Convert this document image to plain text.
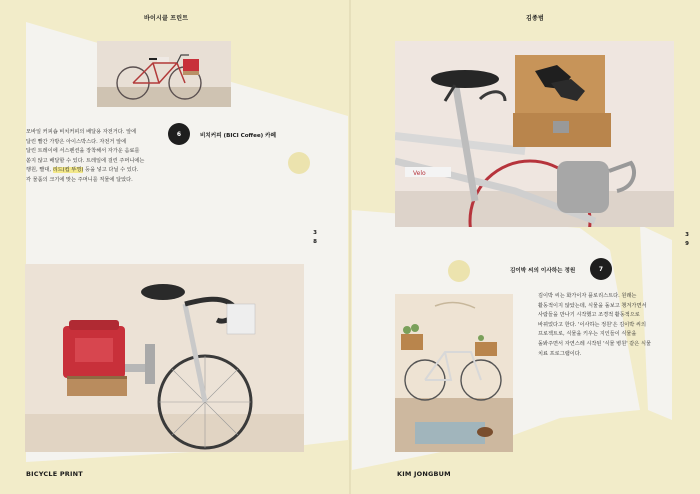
바이시클 프린트
6	비치커피 (BICI Coffee) 카페

모바일 커피숍 비치커피의 배달용 자전거다. 앞에

달린 빨간 가방은 아이스박스다. 자전거 앞에

달린 트레이에 서스펜션을 장착해서 자가운 음료를

쏟지 않고 배달할 수 있다. 트레일에 걸린 주머니에는

행원, 빨대, 리드(컵 뚜껑) 등을 넣고 다닐 수 있다.

각 물품의 크기에 맞는 주머니를 직물에 달았다.

3
8
BICYCLE PRINT
김종범
Velo
3
9
김이박 씨의 이사하는 정원	7

김이박 씨는 화가이자 플로리스트다. 원래는

활동적이지 않았는데, 식물을 돌보고 챙겨가면서

사람들을 만나기 시작했고 조경적 활동적으로

바뀌었다고 한다. '이사하는 정원'은 김이박 씨의

프로젝트로, 식물을 키우는 지인들이 식물을

돌봐주면서 자연스레 시작된 '식물 병원' 같은 식물

치료 프로그램이다.

KIM JONGBUM
